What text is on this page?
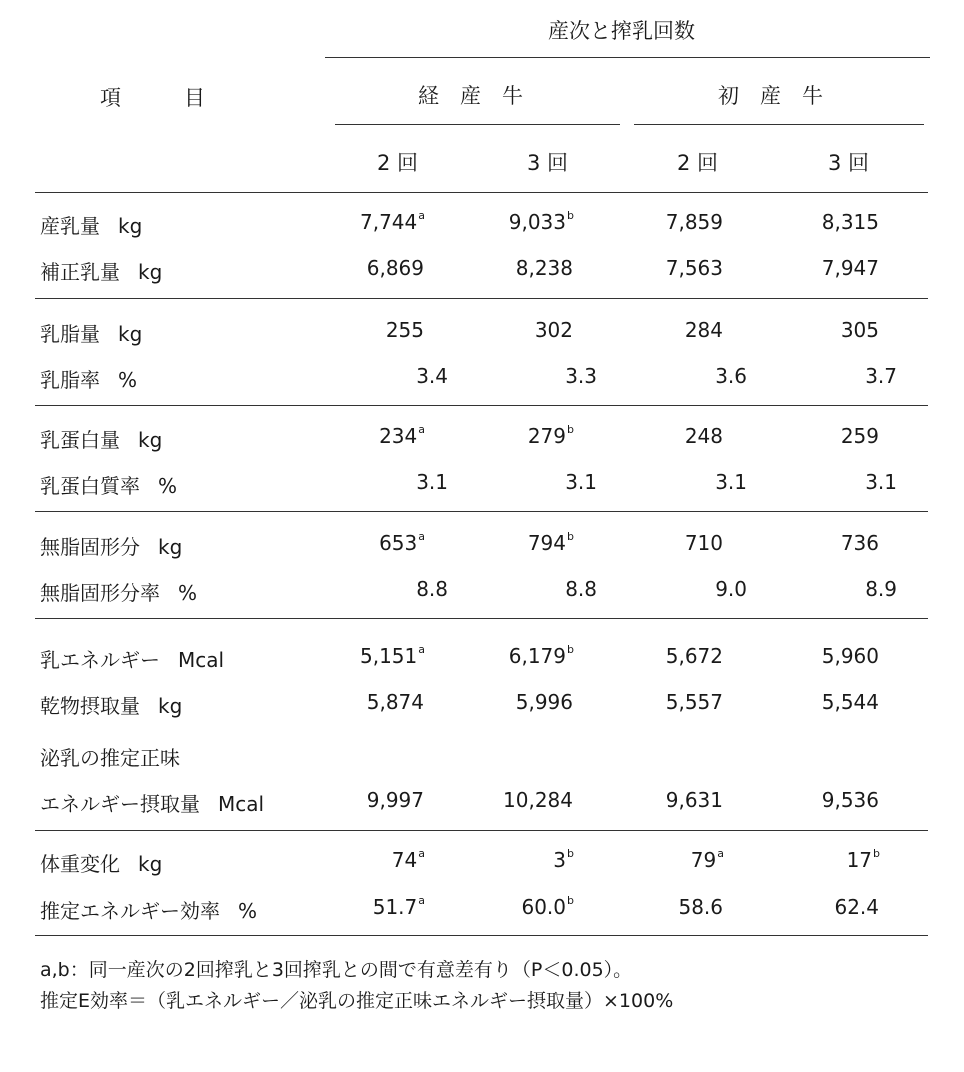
産次と搾乳回数
項　　　目	経　産　牛	初　産　牛
2 回	3 回	2 回	3 回
産乳量 kg	7,744$^a$	9,033$^b$	7,859	8,315
補正乳量 kg	6,869	8,238	7,563	7,947
乳脂量 kg	255	302	284	305
乳脂率 %	3.4	3.3	3.6	3.7
乳蛋白量 kg	234$^a$	279$^b$	248	259
乳蛋白質率 %	3.1	3.1	3.1	3.1
無脂固形分 kg	653$^a$	794$^b$	710	736
無脂固形分率 %	8.8	8.8	9.0	8.9
乳エネルギー Mcal	5,151$^a$	6,179$^b$	5,672	5,960
乾物摂取量 kg	5,874	5,996	5,557	5,544
泌乳の推定正味
エネルギー摂取量 Mcal	9,997	10,284	9,631	9,536
体重変化 kg	74$^a$	3$^b$	79$^a$	17$^b$
推定エネルギー効率 %	51.7$^a$	60.0$^b$	58.6	62.4
a,b：同一産次の2回搾乳と3回搾乳との間で有意差有り（P＜0.05）。
推定E効率＝（乳エネルギー／泌乳の推定正味エネルギー摂取量）×100%
